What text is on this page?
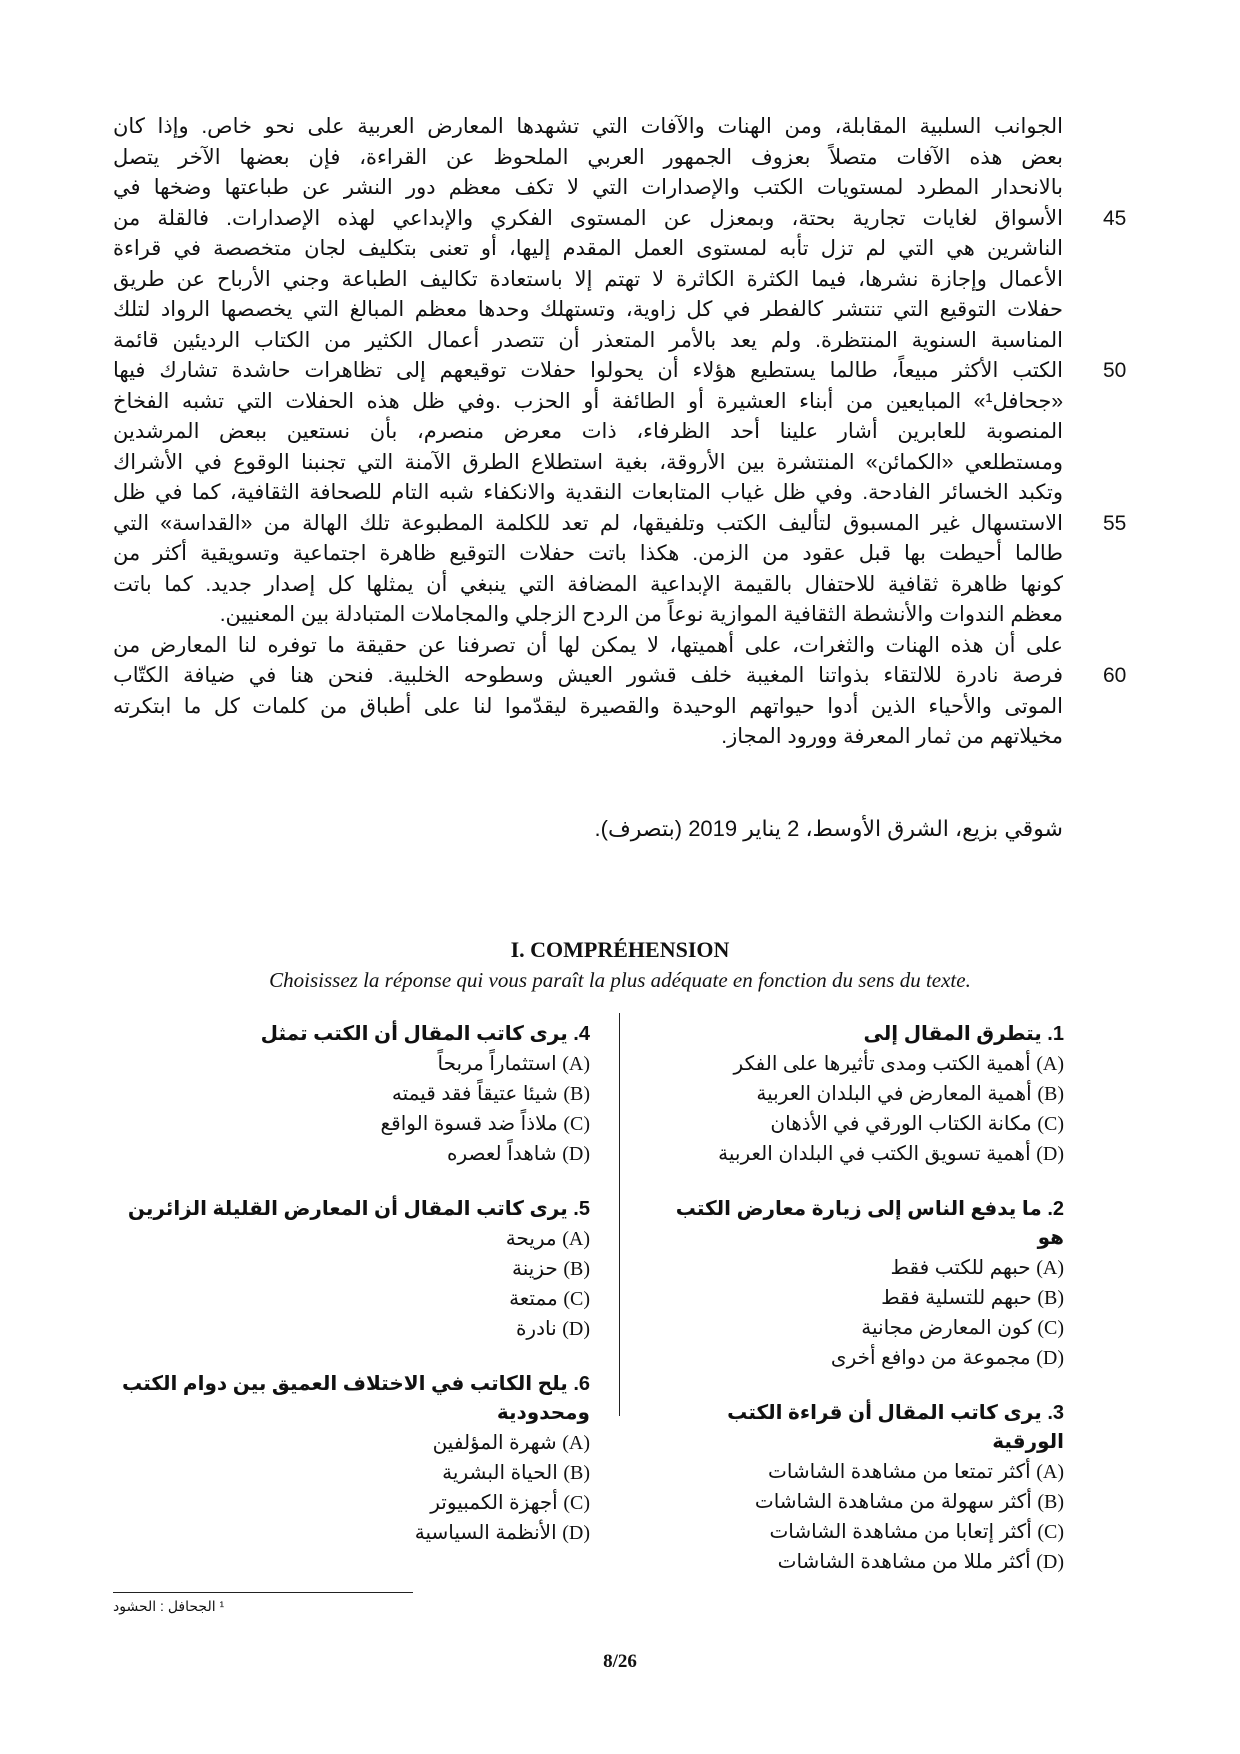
الجوانب السلبية المقابلة، ومن الهنات والآفات التي تشهدها المعارض العربية على نحو خاص. وإذا كان
بعض هذه الآفات متصلاً بعزوف الجمهور العربي الملحوظ عن القراءة، فإن بعضها الآخر يتصل
بالانحدار المطرد لمستويات الكتب والإصدارات التي لا تكف معظم دور النشر عن طباعتها وضخها في
الأسواق لغايات تجارية بحتة، وبمعزل عن المستوى الفكري والإبداعي لهذه الإصدارات. فالقلة من 45
الناشرين هي التي لم تزل تأبه لمستوى العمل المقدم إليها، أو تعنى بتكليف لجان متخصصة في قراءة
الأعمال وإجازة نشرها، فيما الكثرة الكاثرة لا تهتم إلا باستعادة تكاليف الطباعة وجني الأرباح عن طريق
حفلات التوقيع التي تنتشر كالفطر في كل زاوية، وتستهلك وحدها معظم المبالغ التي يخصصها الرواد لتلك
المناسبة السنوية المنتظرة. ولم يعد بالأمر المتعذر أن تتصدر أعمال الكثير من الكتاب الرديئين قائمة
الكتب الأكثر مبيعاً، طالما يستطيع هؤلاء أن يحولوا حفلات توقيعهم إلى تظاهرات حاشدة تشارك فيها 50
«جحافل¹» المبايعين من أبناء العشيرة أو الطائفة أو الحزب .وفي ظل هذه الحفلات التي تشبه الفخاخ
المنصوبة للعابرين أشار علينا أحد الظرفاء، ذات معرض منصرم، بأن نستعين ببعض المرشدين
ومستطلعي «الكمائن» المنتشرة بين الأروقة، بغية استطلاع الطرق الآمنة التي تجنبنا الوقوع في الأشراك
وتكبد الخسائر الفادحة. وفي ظل غياب المتابعات النقدية والانكفاء شبه التام للصحافة الثقافية، كما في ظل
الاستسهال غير المسبوق لتأليف الكتب وتلفيقها، لم تعد للكلمة المطبوعة تلك الهالة من «القداسة» التي 55
طالما أحيطت بها قبل عقود من الزمن. هكذا باتت حفلات التوقيع ظاهرة اجتماعية وتسويقية أكثر من
كونها ظاهرة ثقافية للاحتفال بالقيمة الإبداعية المضافة التي ينبغي أن يمثلها كل إصدار جديد. كما باتت
معظم الندوات والأنشطة الثقافية الموازية نوعاً من الردح الزجلي والمجاملات المتبادلة بين المعنيين.
على أن هذه الهنات والثغرات، على أهميتها، لا يمكن لها أن تصرفنا عن حقيقة ما توفره لنا المعارض من
فرصة نادرة للالتقاء بذواتنا المغيبة خلف قشور العيش وسطوحه الخلبية. فنحن هنا في ضيافة الكتّاب 60
الموتى والأحياء الذين أدوا حيواتهم الوحيدة والقصيرة ليقدّموا لنا على أطباق من كلمات كل ما ابتكرته
مخيلاتهم من ثمار المعرفة وورود المجاز.
شوقي بزيع، الشرق الأوسط، 2 يناير 2019 (بتصرف).
I. COMPRÉHENSION
Choisissez la réponse qui vous paraît la plus adéquate en fonction du sens du texte.
1. يتطرق المقال إلى
(A) أهمية الكتب ومدى تأثيرها على الفكر
(B) أهمية المعارض في البلدان العربية
(C) مكانة الكتاب الورقي في الأذهان
(D) أهمية تسويق الكتب في البلدان العربية
2. ما يدفع الناس إلى زيارة معارض الكتب هو
(A) حبهم للكتب فقط
(B) حبهم للتسلية فقط
(C) كون المعارض مجانية
(D) مجموعة من دوافع أخرى
3. يرى كاتب المقال أن قراءة الكتب الورقية
(A) أكثر تمتعا من مشاهدة الشاشات
(B) أكثر سهولة من مشاهدة الشاشات
(C) أكثر إتعابا من مشاهدة الشاشات
(D) أكثر مللا من مشاهدة الشاشات
4. يرى كاتب المقال أن الكتب تمثل
(A) استثماراً مربحاً
(B) شيئا عتيقاً فقد قيمته
(C) ملاذاً ضد قسوة الواقع
(D) شاهداً لعصره
5. يرى كاتب المقال أن المعارض القليلة الزائرين
(A) مريحة
(B) حزينة
(C) ممتعة
(D) نادرة
6. يلح الكاتب في الاختلاف العميق بين دوام الكتب ومحدودية
(A) شهرة المؤلفين
(B) الحياة البشرية
(C) أجهزة الكمبيوتر
(D) الأنظمة السياسية
¹ الجحافل : الحشود
8/26
